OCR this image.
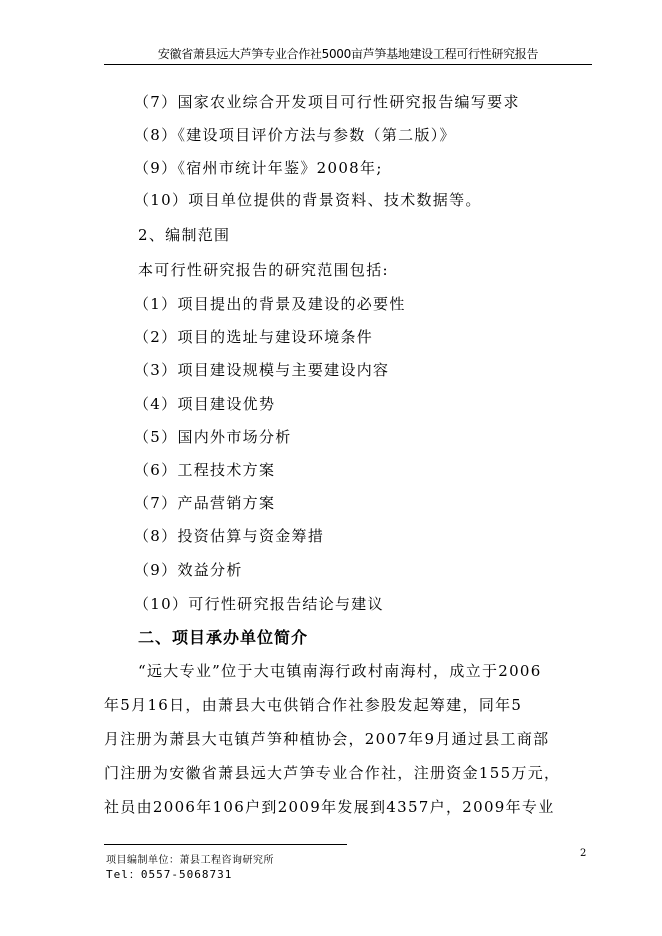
安徽省萧县远大芦笋专业合作社5000亩芦笋基地建设工程可行性研究报告
（7）国家农业综合开发项目可行性研究报告编写要求
（8）《建设项目评价方法与参数（第二版）》
（9）《宿州市统计年鉴》2008年;
（10）项目单位提供的背景资料、技术数据等。
2、编制范围
本可行性研究报告的研究范围包括:
（1）项目提出的背景及建设的必要性
（2）项目的选址与建设环境条件
（3）项目建设规模与主要建设内容
（4）项目建设优势
（5）国内外市场分析
（6）工程技术方案
（7）产品营销方案
（8）投资估算与资金筹措
（9）效益分析
（10）可行性研究报告结论与建议
二、项目承办单位简介
“远大专业”位于大屯镇南海行政村南海村，成立于2006
年5月16日，由萧县大屯供销合作社参股发起筹建，同年5
月注册为萧县大屯镇芦笋种植协会，2007年9月通过县工商部
门注册为安徽省萧县远大芦笋专业合作社，注册资金155万元，
社员由2006年106户到2009年发展到4357户，2009年专业
项目编制单位：萧县工程咨询研究所
Tel：0557-5068731
2
